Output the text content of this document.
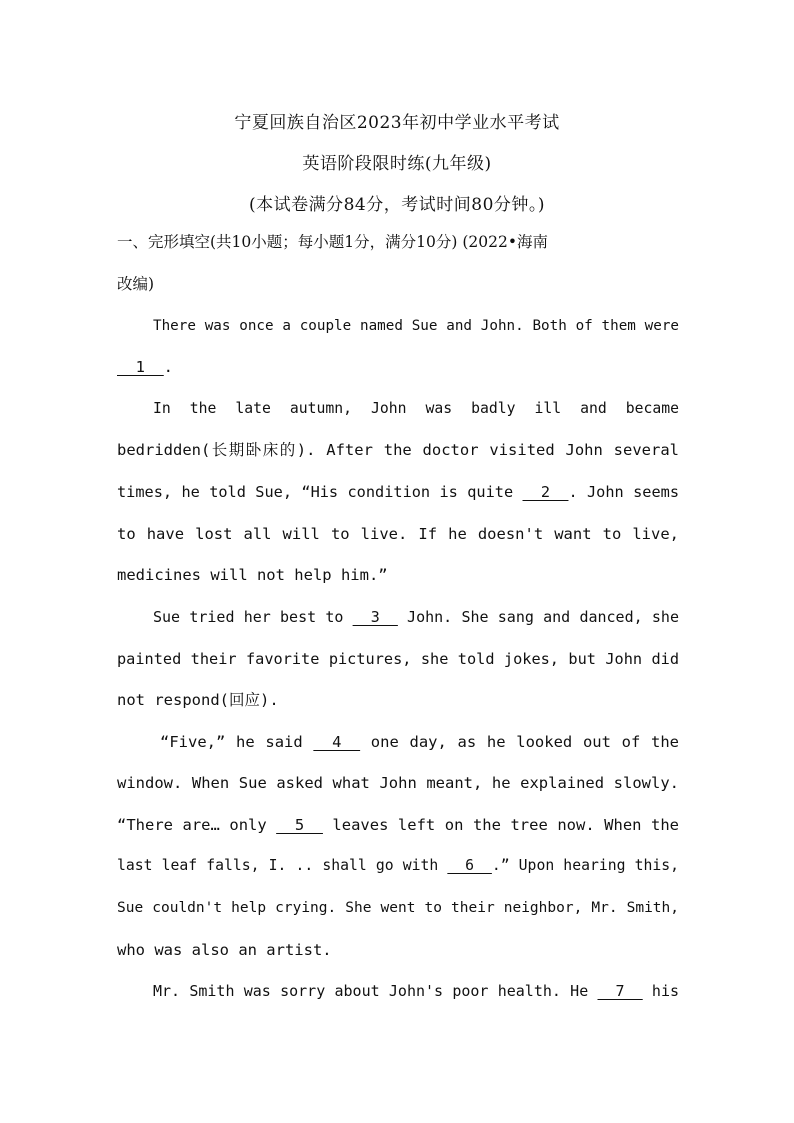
宁夏回族自治区2023年初中学业水平考试
英语阶段限时练(九年级)
(本试卷满分84分，考试时间80分钟。)
一、完形填空(共10小题；每小题1分，满分10分) (2022•海南
改编)
There was once a couple named Sue and John. Both of them were
__1__.
In the late autumn, John was badly ill and became
bedridden(长期卧床的). After the doctor visited John several
times, he told Sue, “His condition is quite __2__. John seems
to have lost all will to live. If he doesn't want to live,
medicines will not help him.”
Sue tried her best to __3__ John. She sang and danced, she
painted their favorite pictures, she told jokes, but John did
not respond(回应).
“Five,” he said __4__ one day, as he looked out of the
window. When Sue asked what John meant, he explained slowly.
“There are… only __5__ leaves left on the tree now. When the
last leaf falls, I. .. shall go with __6__.” Upon hearing this,
Sue couldn't help crying. She went to their neighbor, Mr. Smith,
who was also an artist.
Mr. Smith was sorry about John's poor health. He __7__ his
